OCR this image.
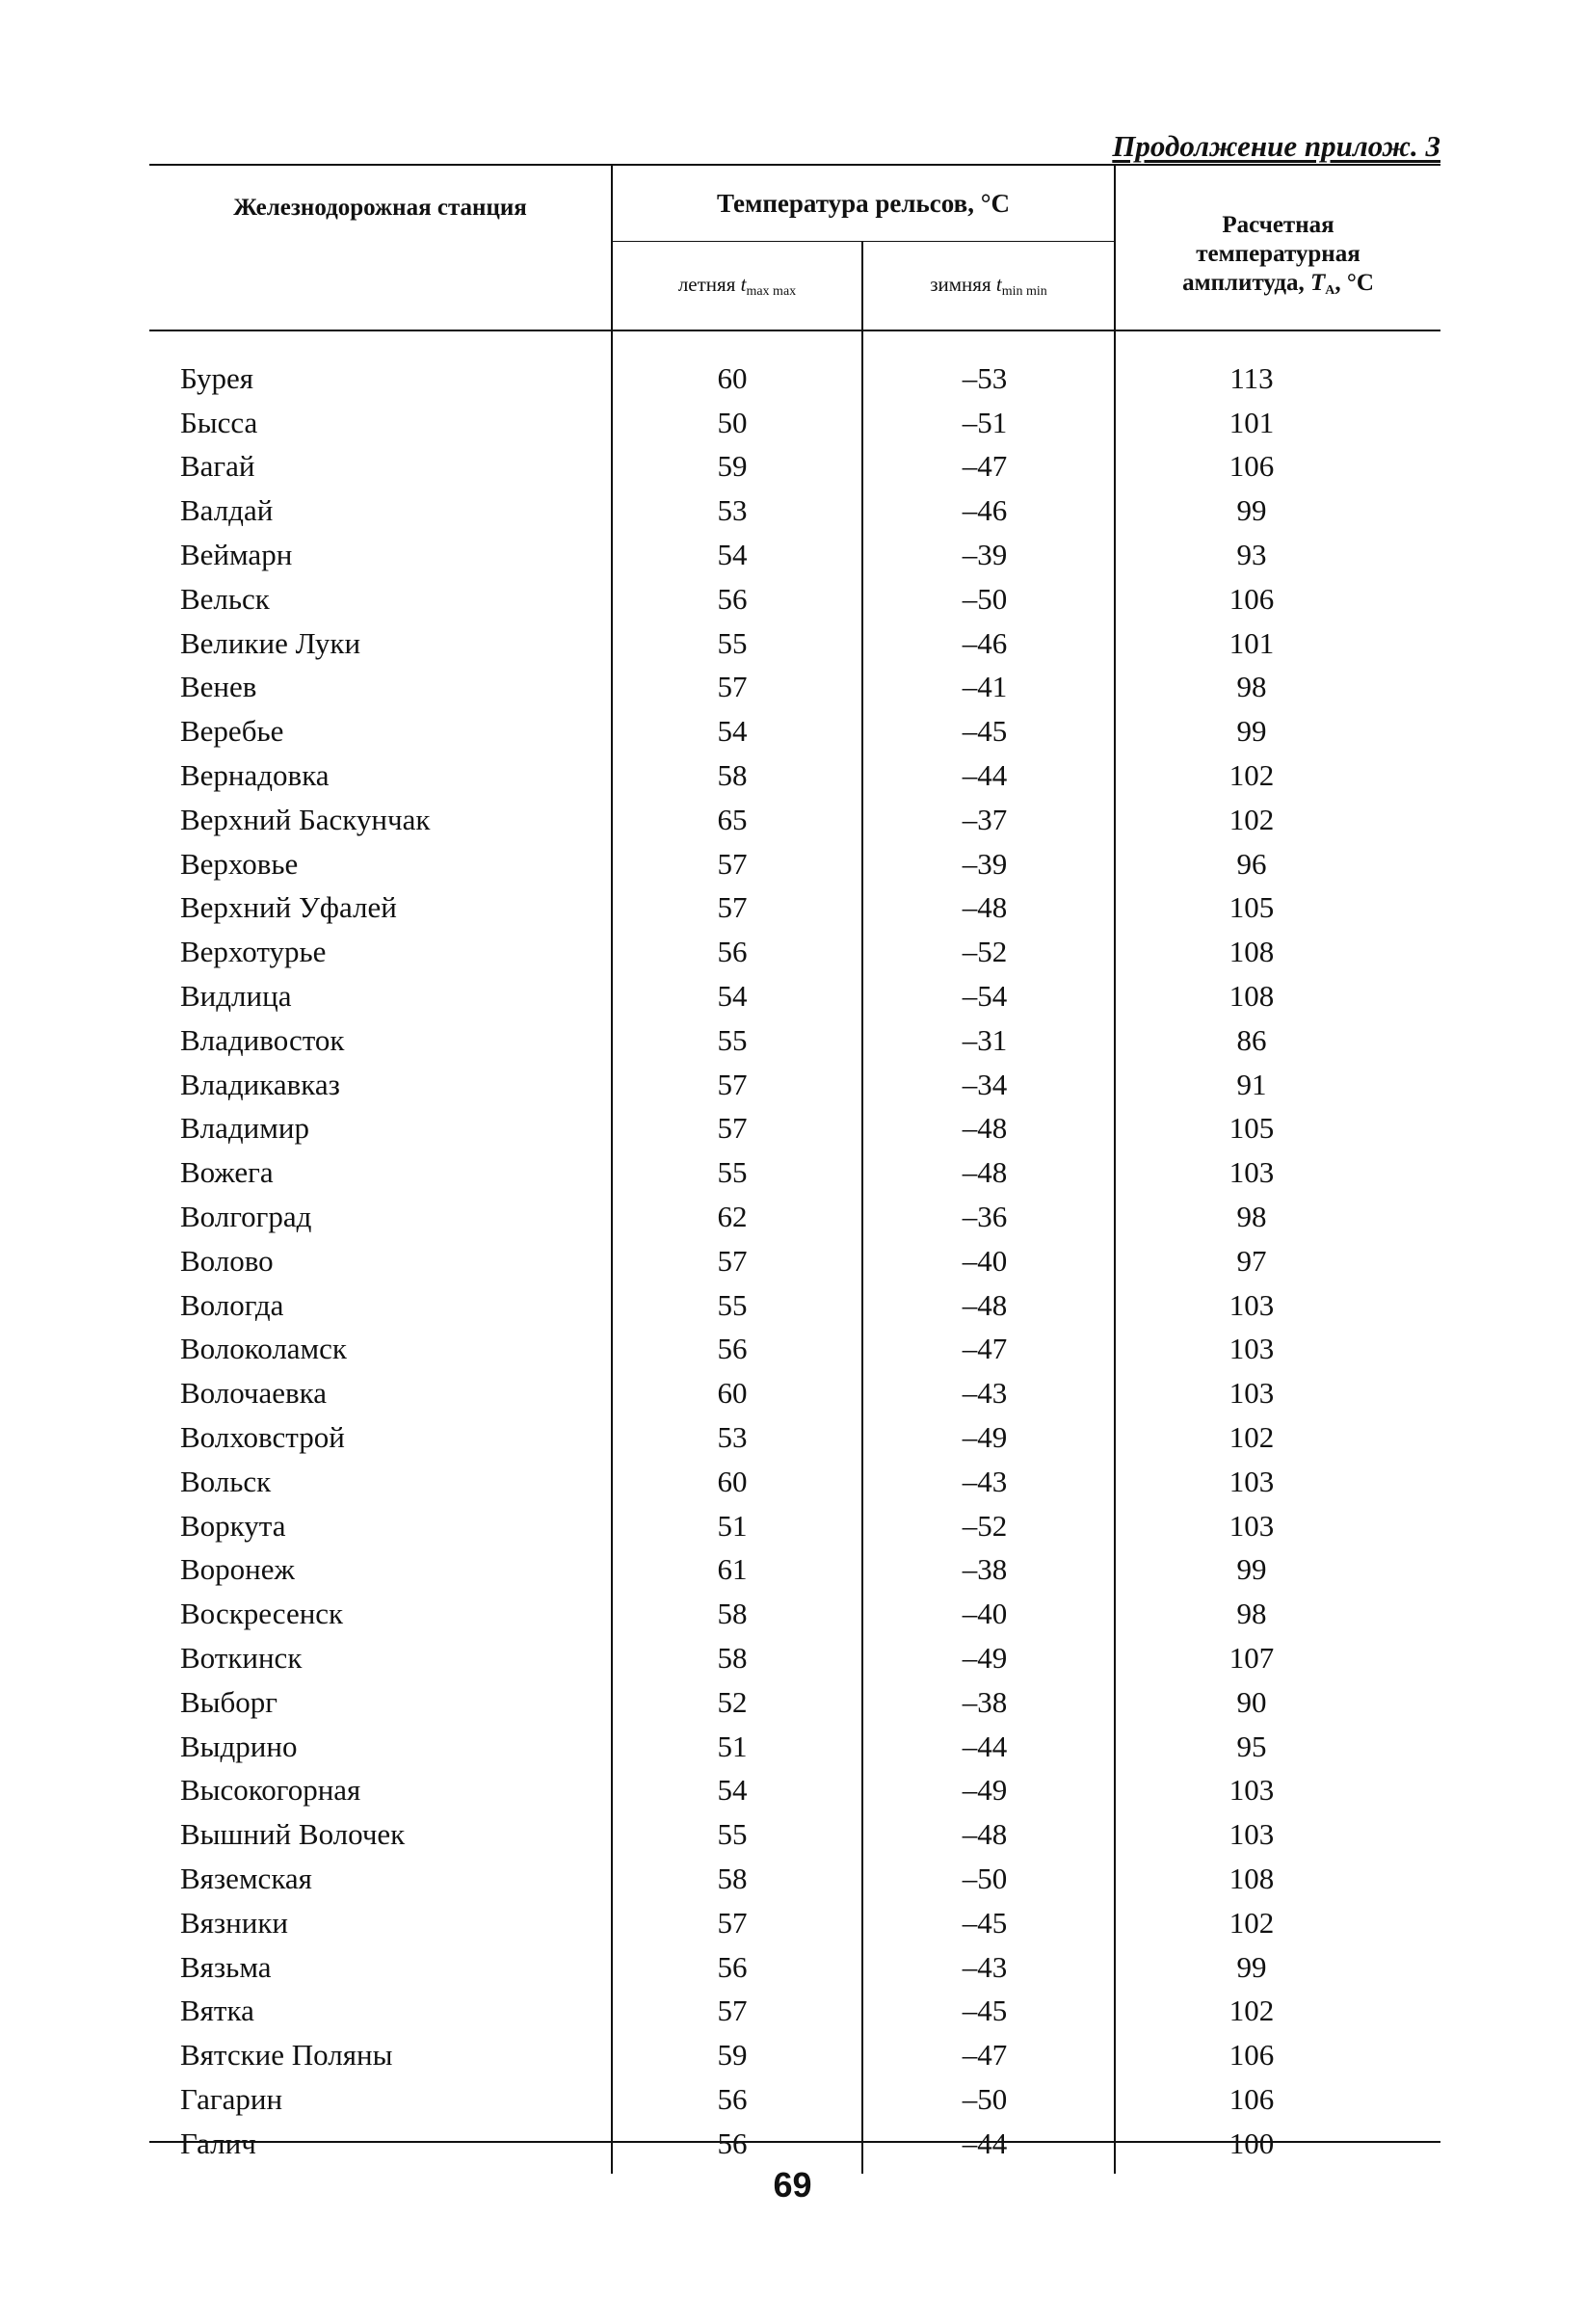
Продолжение прилож. 3
Железнодорожная станция	Температура рельсов, °С		Расчетная
температурная
амплитуда, $T_A$, °С
	летняя $t_{max max}$	зимняя $t_{min min}$

Бурея	60	–53	113
Бысса	50	–51	101
Вагай	59	–47	106
Валдай	53	–46	99
Веймарн	54	–39	93
Вельск	56	–50	106
Великие Луки	55	–46	101
Венев	57	–41	98
Веребье	54	–45	99
Вернадовка	58	–44	102
Верхний Баскунчак	65	–37	102
Верховье	57	–39	96
Верхний Уфалей	57	–48	105
Верхотурье	56	–52	108
Видлица	54	–54	108
Владивосток	55	–31	86
Владикавказ	57	–34	91
Владимир	57	–48	105
Вожега	55	–48	103
Волгоград	62	–36	98
Волово	57	–40	97
Вологда	55	–48	103
Волоколамск	56	–47	103
Волочаевка	60	–43	103
Волховстрой	53	–49	102
Вольск	60	–43	103
Воркута	51	–52	103
Воронеж	61	–38	99
Воскресенск	58	–40	98
Воткинск	58	–49	107
Выборг	52	–38	90
Выдрино	51	–44	95
Высокогорная	54	–49	103
Вышний Волочек	55	–48	103
Вяземская	58	–50	108
Вязники	57	–45	102
Вязьма	56	–43	99
Вятка	57	–45	102
Вятские Поляны	59	–47	106
Гагарин	56	–50	106
Галич	56	–44	100
69
